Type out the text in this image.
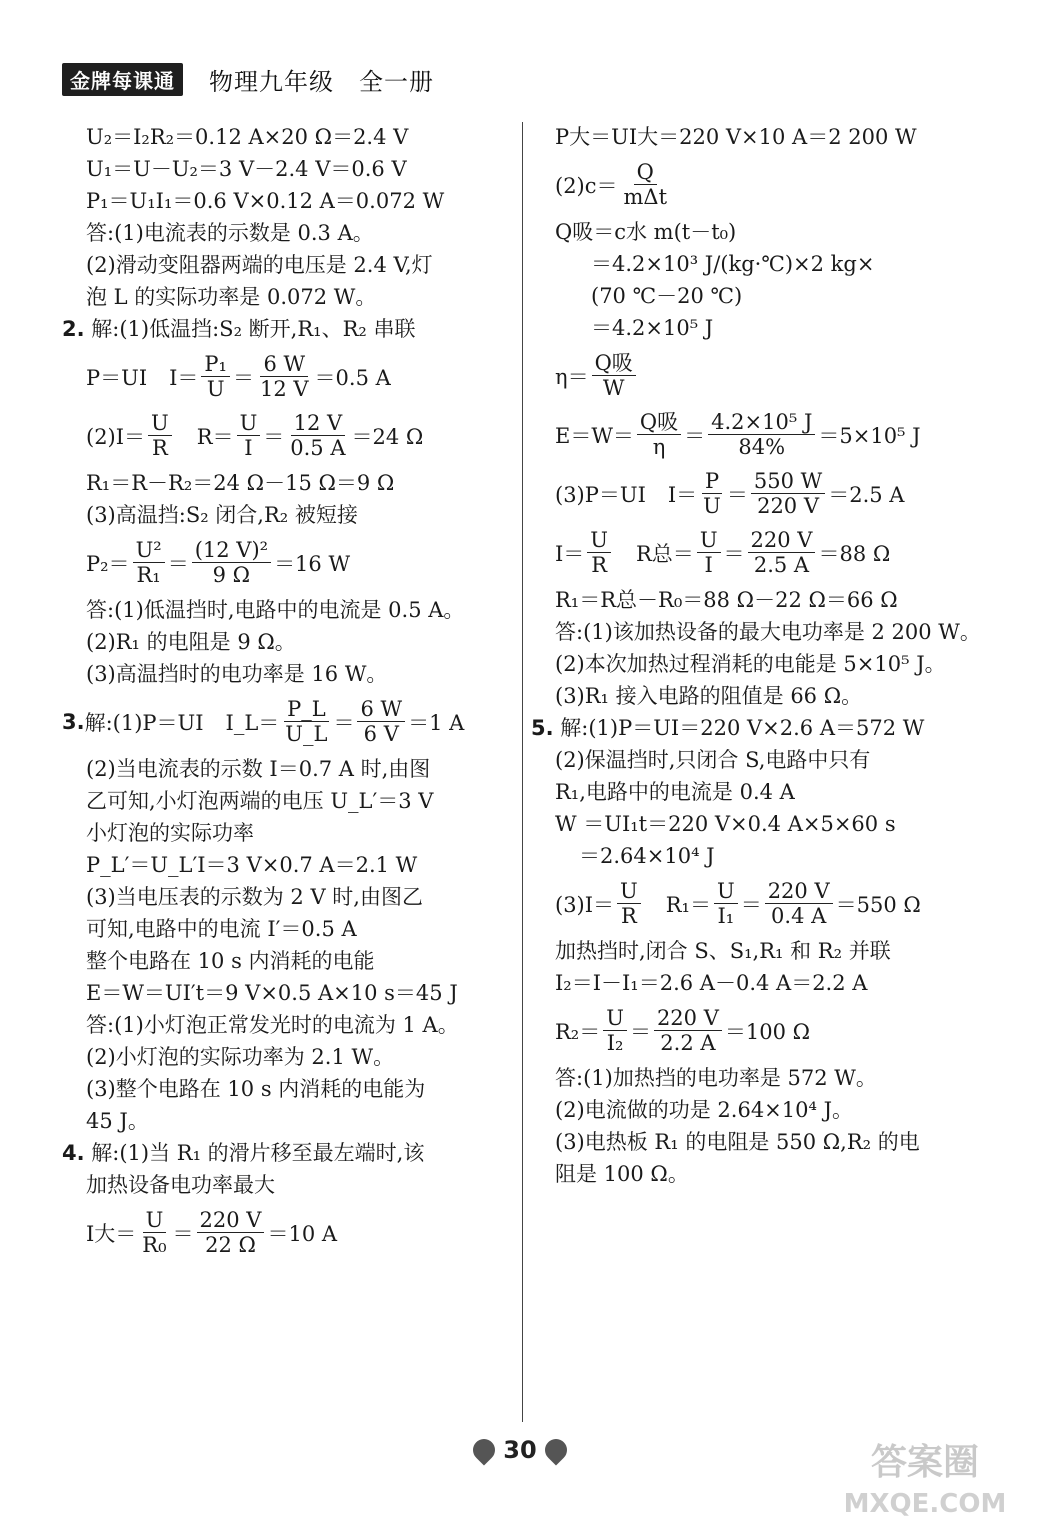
金牌每课通	物理九年级　全一册
U₂＝I₂R₂＝0.12 A×20 Ω＝2.4 V
U₁＝U－U₂＝3 V－2.4 V＝0.6 V
P₁＝U₁I₁＝0.6 V×0.12 A＝0.072 W
答:(1)电流表的示数是 0.3 A。
(2)滑动变阻器两端的电压是 2.4 V,灯
泡 L 的实际功率是 0.072 W。
2. 解:(1)低温挡:S₂ 断开,R₁、R₂ 串联
P＝UI $I= \frac{\text{P₁}}{U} = \frac{6 W}{12 V} =0.5$ A
$(2)I= \frac{U}{R} R= \frac{U}{I} = \frac{12 V}{0.5 A} =24$ Ω
R₁＝R－R₂＝24 Ω－15 Ω＝9 Ω
(3)高温挡:S₂ 闭合,R₂ 被短接
$P_2= \frac{\text{U²}}{\text{R₁}} = \frac{\text{(12 V)²}}{9 \Omega} =16$ W
答:(1)低温挡时,电路中的电流是 0.5 A。
(2)R₁ 的电阻是 9 Ω。
(3)高温挡时的电功率是 16 W。
3. 解:(1)P＝UI I_L＝ $\frac{P\_L}{U\_L} = \frac{6 W}{6 V} =1$ A
(2)当电流表的示数 I＝0.7 A 时,由图
乙可知,小灯泡两端的电压 U_L′＝3 V
小灯泡的实际功率
P_L′＝U_L′I＝3 V×0.7 A＝2.1 W
(3)当电压表的示数为 2 V 时,由图乙
可知,电路中的电流 I′＝0.5 A
整个电路在 10 s 内消耗的电能
E＝W＝UI′t＝9 V×0.5 A×10 s＝45 J
答:(1)小灯泡正常发光时的电流为 1 A。
(2)小灯泡的实际功率为 2.1 W。
(3)整个电路在 10 s 内消耗的电能为
45 J。
4. 解:(1)当 R₁ 的滑片移至最左端时,该
加热设备电功率最大
I大＝ $\frac{U}{\text{R₀}} = \frac{220 V}{22 \Omega} =10$ A
P大＝UI大＝220 V×10 A＝2 200 W
$(2)c= \frac{Q}{\text{mΔt}}$
Q吸＝c水 m(t－t₀)
＝4.2×10³ J/(kg·℃)×2 kg×
(70 ℃－20 ℃)
＝4.2×10⁵ J
$\eta= \frac{\text{Q吸}}{W}$
$E=W= \frac{\text{Q吸}}{\eta} = \frac{\text{4.2×10⁵ J}}{84\%} =5\times 10^5$ J
(3)P＝UI $I= \frac{P}{U} = \frac{550 W}{220 V} =2.5$ A
$I= \frac{U}{R}$ R总＝ $\frac{U}{I} = \frac{220 V}{2.5 A} =88$ Ω
R₁＝R总－R₀＝88 Ω－22 Ω＝66 Ω
答:(1)该加热设备的最大电功率是 2 200 W。
(2)本次加热过程消耗的电能是 5×10⁵ J。
(3)R₁ 接入电路的阻值是 66 Ω。
5. 解:(1)P＝UI＝220 V×2.6 A＝572 W
(2)保温挡时,只闭合 S,电路中只有
R₁,电路中的电流是 0.4 A
W ＝UI₁t＝220 V×0.4 A×5×60 s
＝2.64×10⁴ J
$(3)I= \frac{U}{R} R_1= \frac{U}{\text{I₁}} = \frac{220 V}{0.4 A} =550$ Ω
加热挡时,闭合 S、S₁,R₁ 和 R₂ 并联
I₂＝I－I₁＝2.6 A－0.4 A＝2.2 A
$R_2= \frac{U}{\text{I₂}} = \frac{220 V}{2.2 A} =100$ Ω
答:(1)加热挡的电功率是 572 W。
(2)电流做的功是 2.64×10⁴ J。
(3)电热板 R₁ 的电阻是 550 Ω,R₂ 的电
阻是 100 Ω。
30	答案圈
MXQE.COM
